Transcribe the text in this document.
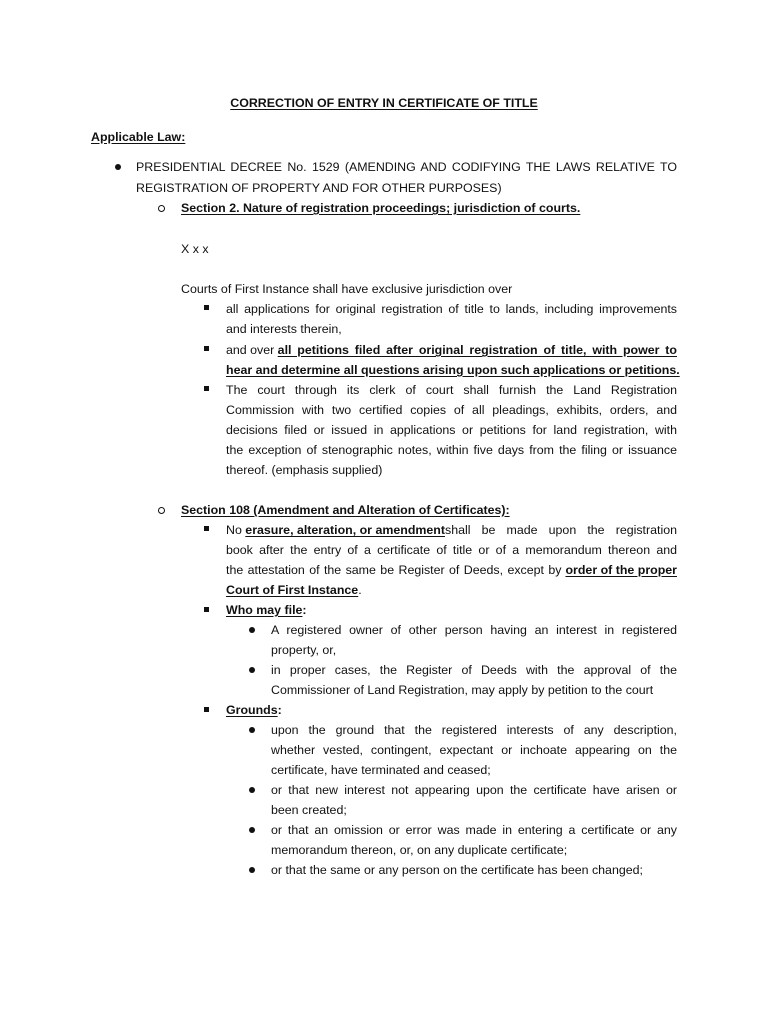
CORRECTION OF ENTRY IN CERTIFICATE OF TITLE
Applicable Law:
PRESIDENTIAL DECREE No. 1529 (AMENDING AND CODIFYING THE LAWS RELATIVE TO
REGISTRATION OF PROPERTY AND FOR OTHER PURPOSES)
Section 2. Nature of registration proceedings; jurisdiction of courts.
X x x
Courts of First Instance shall have exclusive jurisdiction over
all applications for original registration of title to lands, including improvements
and interests therein,
and over all petitions filed after original registration of title, with power to
hear and determine all questions arising upon such applications or petitions.
The court through its clerk of court shall furnish the Land Registration
Commission with two certified copies of all pleadings, exhibits, orders, and
decisions filed or issued in applications or petitions for land registration, with
the exception of stenographic notes, within five days from the filing or issuance
thereof. (emphasis supplied)
Section 108 (Amendment and Alteration of Certificates):
No erasure, alteration, or amendment shall be made upon the registration
book after the entry of a certificate of title or of a memorandum thereon and
the attestation of the same be Register of Deeds, except by order of the proper
Court of First Instance.
Who may file:
A registered owner of other person having an interest in registered
property, or,
in proper cases, the Register of Deeds with the approval of the
Commissioner of Land Registration, may apply by petition to the court
Grounds:
upon the ground that the registered interests of any description,
whether vested, contingent, expectant or inchoate appearing on the
certificate, have terminated and ceased;
or that new interest not appearing upon the certificate have arisen or
been created;
or that an omission or error was made in entering a certificate or any
memorandum thereon, or, on any duplicate certificate;
or that the same or any person on the certificate has been changed;
